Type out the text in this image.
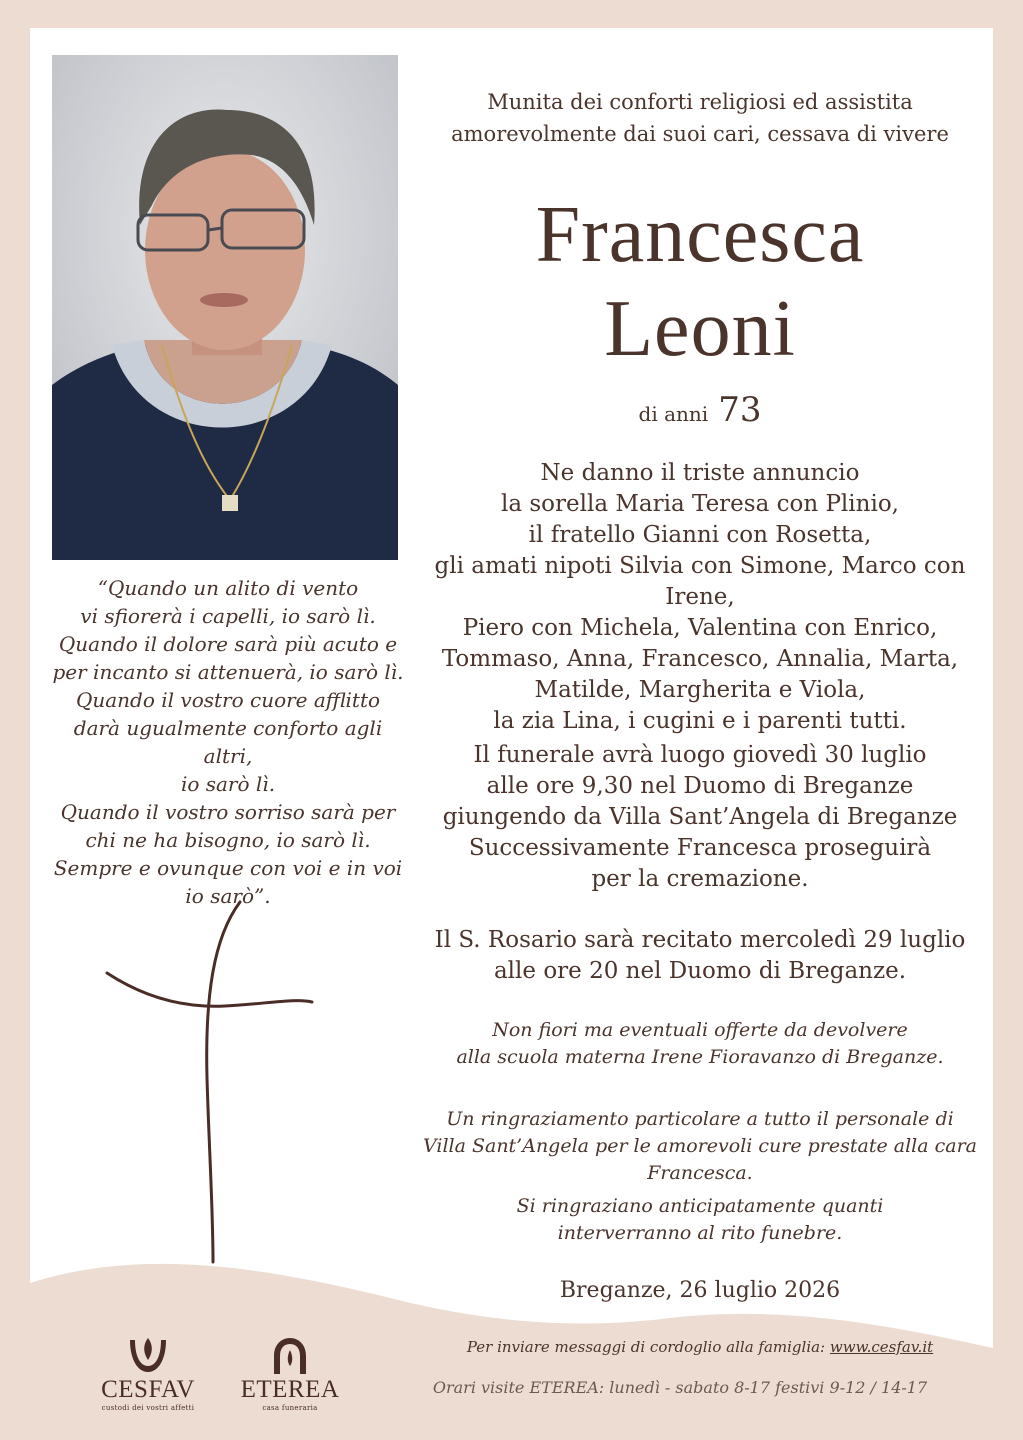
Munita dei conforti religiosi ed assistita
amorevolmente dai suoi cari, cessava di vivere
Francesca
Leoni
di anni 73
Ne danno il triste annuncio
la sorella Maria Teresa con Plinio,
il fratello Gianni con Rosetta,
gli amati nipoti Silvia con Simone, Marco con Irene,
Piero con Michela, Valentina con Enrico,
Tommaso, Anna, Francesco, Annalia, Marta,
Matilde, Margherita e Viola,
la zia Lina, i cugini e i parenti tutti.
Il funerale avrà luogo giovedì 30 luglio
alle ore 9,30 nel Duomo di Breganze
giungendo da Villa Sant’Angela di Breganze
Successivamente Francesca proseguirà
per la cremazione.
Il S. Rosario sarà recitato mercoledì 29 luglio
alle ore 20 nel Duomo di Breganze.
Non fiori ma eventuali offerte da devolvere
alla scuola materna Irene Fioravanzo di Breganze.
Un ringraziamento particolare a tutto il personale di
Villa Sant’Angela per le amorevoli cure prestate alla cara Francesca.
Si ringraziano anticipatamente quanti
interverranno al rito funebre.
Breganze, 26 luglio 2026
Per inviare messaggi di cordoglio alla famiglia: www.cesfav.it
“Quando un alito di vento
vi sfiorerà i capelli, io sarò lì.
Quando il dolore sarà più acuto e
per incanto si attenuerà, io sarò lì.
Quando il vostro cuore afflitto
darà ugualmente conforto agli altri,
io sarò lì.
Quando il vostro sorriso sarà per
chi ne ha bisogno, io sarò lì.
Sempre e ovunque con voi e in voi
io sarò”.
CESFAV
custodi dei vostri affetti
ETEREA
casa funeraria
Orari visite ETEREA: lunedì - sabato 8-17 festivi 9-12 / 14-17
